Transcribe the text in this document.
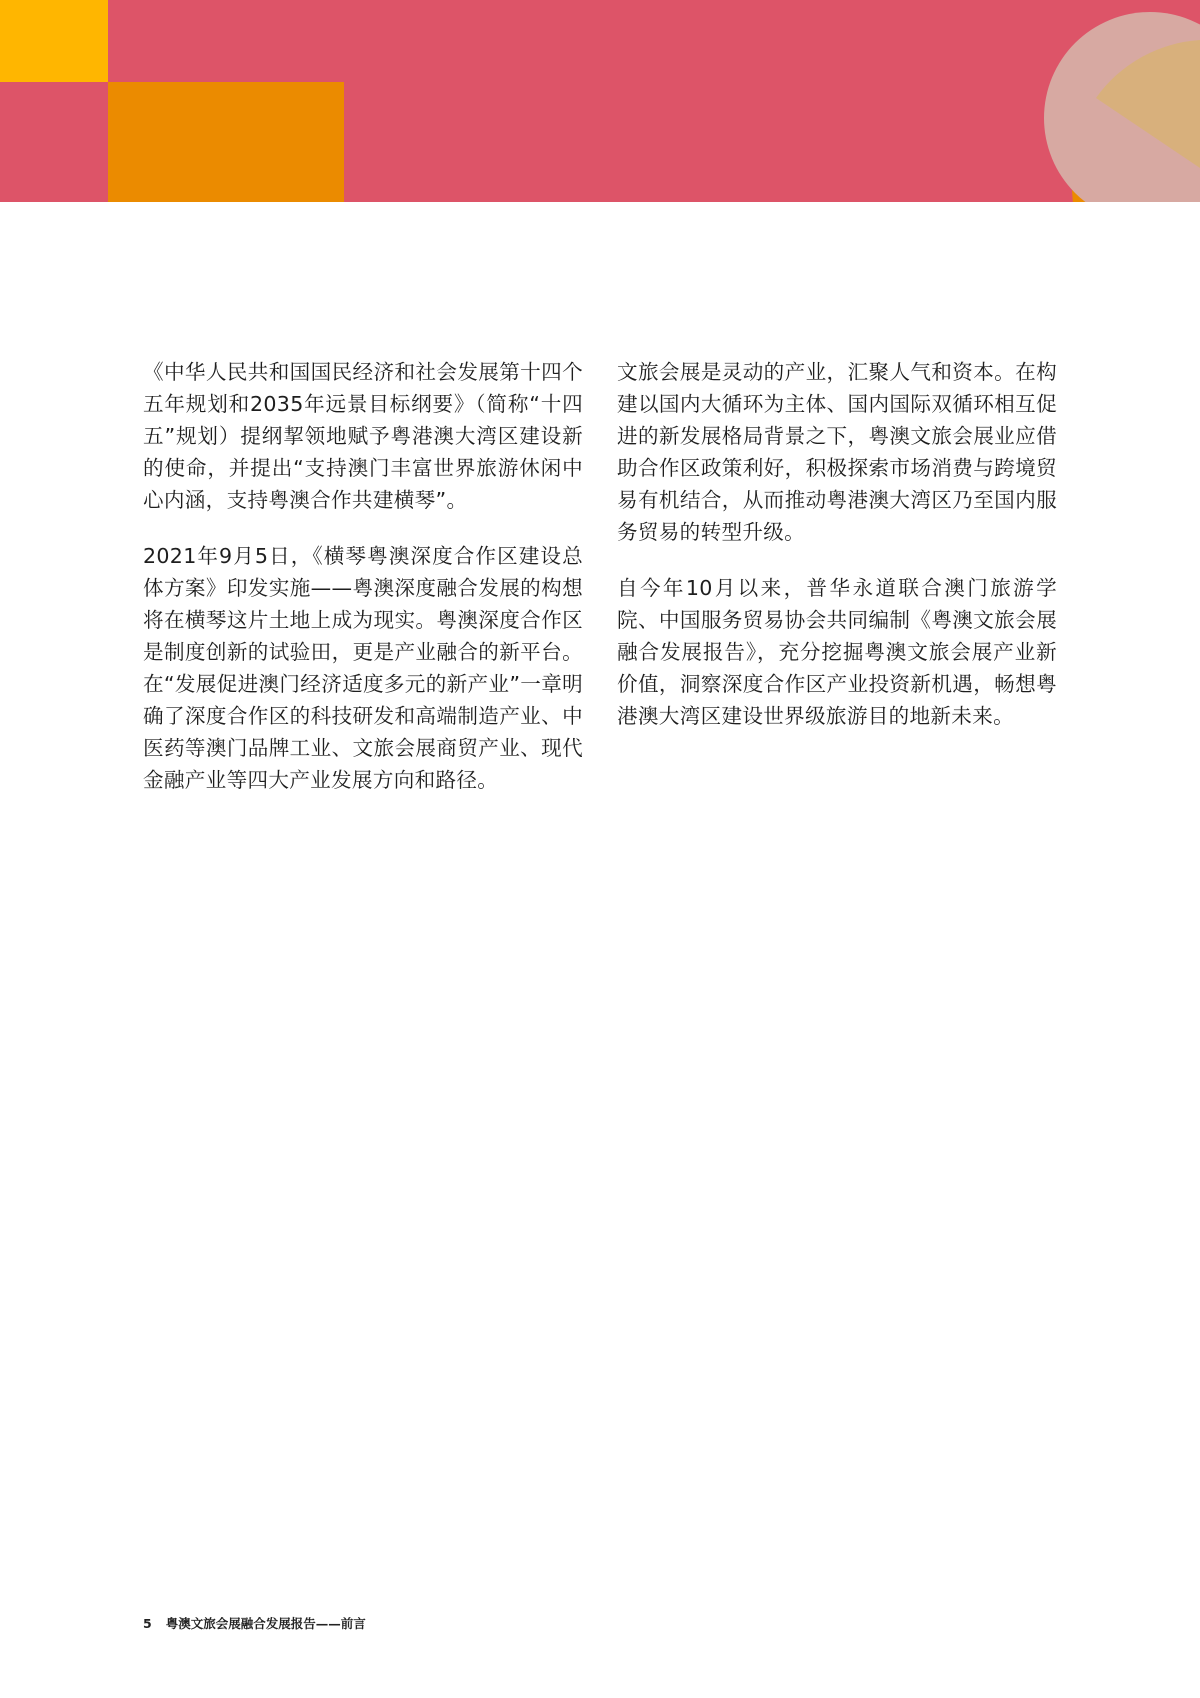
《中华人民共和国国民经济和社会发展第十四个五年规划和2035年远景目标纲要》（简称“十四五”规划）提纲挈领地赋予粤港澳大湾区建设新的使命，并提出“支持澳门丰富世界旅游休闲中心内涵，支持粤澳合作共建横琴”。

2021年9月5日，《横琴粤澳深度合作区建设总体方案》印发实施——粤澳深度融合发展的构想将在横琴这片土地上成为现实。粤澳深度合作区是制度创新的试验田，更是产业融合的新平台。在“发展促进澳门经济适度多元的新产业”一章明确了深度合作区的科技研发和高端制造产业、中医药等澳门品牌工业、文旅会展商贸产业、现代金融产业等四大产业发展方向和路径。

文旅会展是灵动的产业，汇聚人气和资本。在构建以国内大循环为主体、国内国际双循环相互促进的新发展格局背景之下，粤澳文旅会展业应借助合作区政策利好，积极探索市场消费与跨境贸易有机结合，从而推动粤港澳大湾区乃至国内服务贸易的转型升级。

自今年10月以来，普华永道联合澳门旅游学院、中国服务贸易协会共同编制《粤澳文旅会展融合发展报告》，充分挖掘粤澳文旅会展产业新价值，洞察深度合作区产业投资新机遇，畅想粤港澳大湾区建设世界级旅游目的地新未来。

5 粤澳文旅会展融合发展报告——前言
